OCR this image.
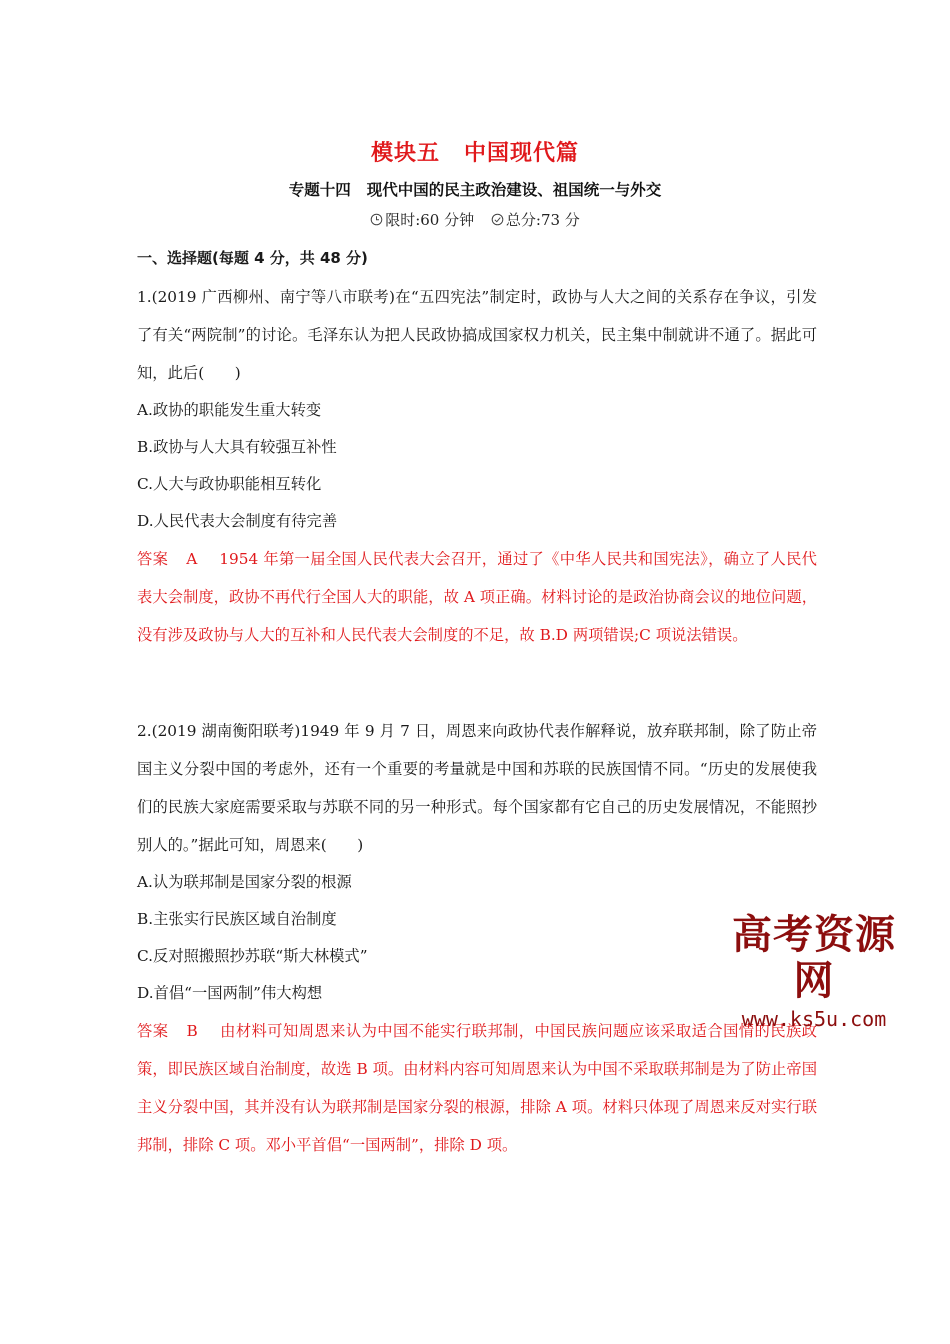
模块五 中国现代篇
专题十四 现代中国的民主政治建设、祖国统一与外交
限时:60 分钟
总分:73 分
一、选择题(每题 4 分，共 48 分)
1.(2019 广西柳州、南宁等八市联考)在“五四宪法”制定时，政协与人大之间的关系存在争议，引发了有关“两院制”的讨论。毛泽东认为把人民政协搞成国家权力机关，民主集中制就讲不通了。据此可知，此后(　　)
A.政协的职能发生重大转变
B.政协与人大具有较强互补性
C.人大与政协职能相互转化
D.人民代表大会制度有待完善
答案 A 1954 年第一届全国人民代表大会召开，通过了《中华人民共和国宪法》，确立了人民代表大会制度，政协不再代行全国人大的职能，故 A 项正确。材料讨论的是政治协商会议的地位问题，没有涉及政协与人大的互补和人民代表大会制度的不足，故 B.D 两项错误;C 项说法错误。
2.(2019 湖南衡阳联考)1949 年 9 月 7 日，周恩来向政协代表作解释说，放弃联邦制，除了防止帝国主义分裂中国的考虑外，还有一个重要的考量就是中国和苏联的民族国情不同。“历史的发展使我们的民族大家庭需要采取与苏联不同的另一种形式。每个国家都有它自己的历史发展情况，不能照抄别人的。”据此可知，周恩来(　　)
A.认为联邦制是国家分裂的根源
B.主张实行民族区域自治制度
C.反对照搬照抄苏联“斯大林模式”
D.首倡“一国两制”伟大构想
答案 B 由材料可知周恩来认为中国不能实行联邦制，中国民族问题应该采取适合国情的民族政策，即民族区域自治制度，故选 B 项。由材料内容可知周恩来认为中国不采取联邦制是为了防止帝国主义分裂中国，其并没有认为联邦制是国家分裂的根源，排除 A 项。材料只体现了周恩来反对实行联邦制，排除 C 项。邓小平首倡“一国两制”，排除 D 项。
高考资源网
www.ks5u.com
